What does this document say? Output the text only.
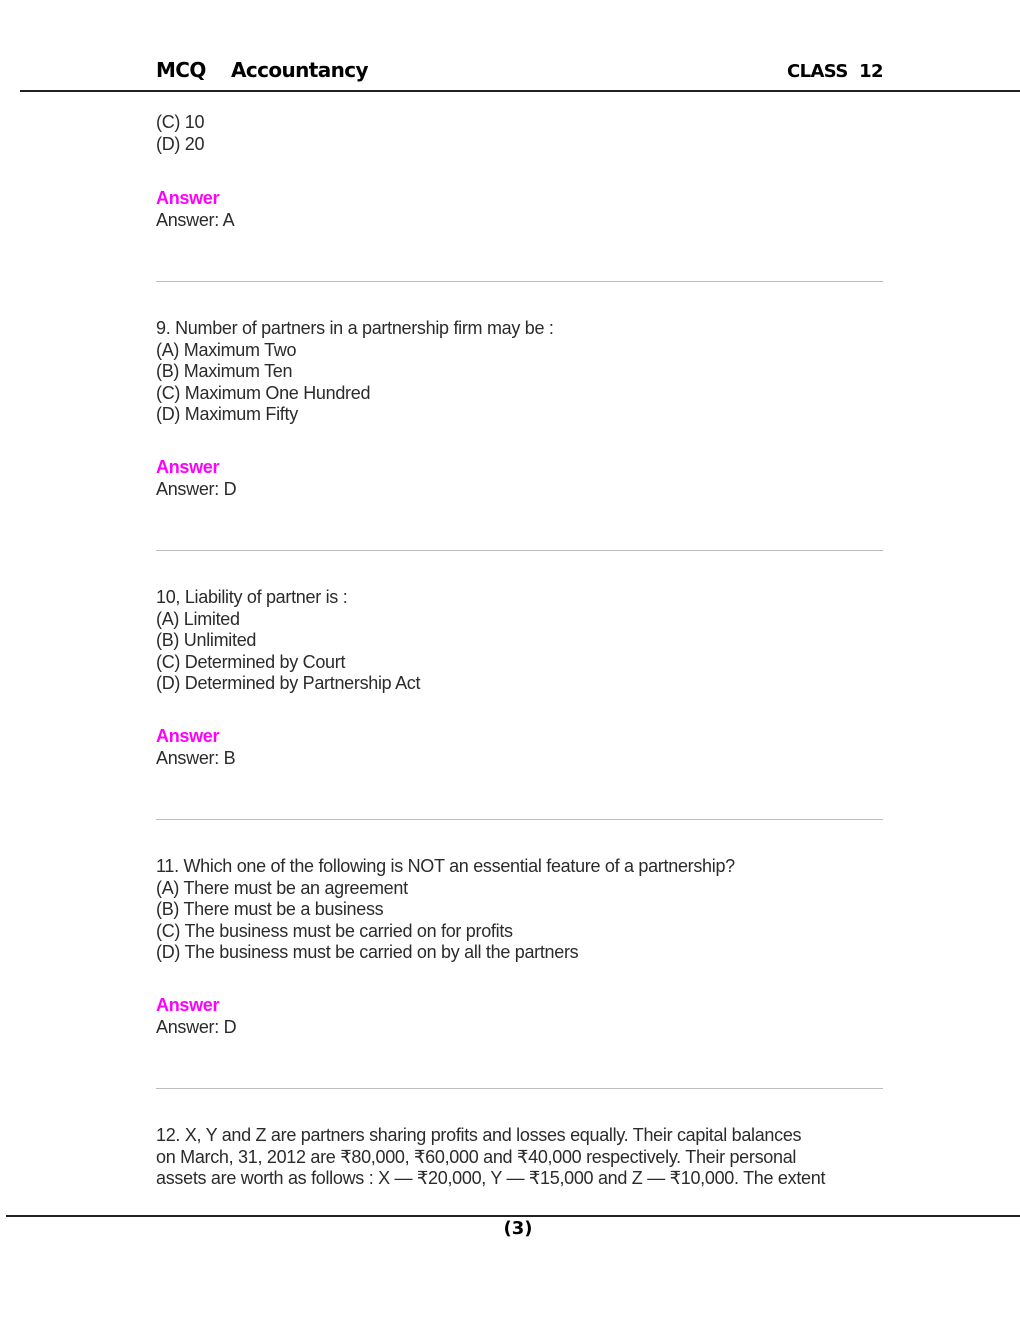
MCQ Accountancy	CLASS  12
(C) 10
(D) 20
Answer
Answer: A
9. Number of partners in a partnership firm may be :
(A) Maximum Two
(B) Maximum Ten
(C) Maximum One Hundred
(D) Maximum Fifty
Answer
Answer: D
10, Liability of partner is :
(A) Limited
(B) Unlimited
(C) Determined by Court
(D) Determined by Partnership Act
Answer
Answer: B
11. Which one of the following is NOT an essential feature of a partnership?
(A) There must be an agreement
(B) There must be a business
(C) The business must be carried on for profits
(D) The business must be carried on by all the partners
Answer
Answer: D
12. X, Y and Z are partners sharing profits and losses equally. Their capital balances
on March, 31, 2012 are ₹80,000, ₹60,000 and ₹40,000 respectively. Their personal
assets are worth as follows : X — ₹20,000, Y — ₹15,000 and Z — ₹10,000. The extent
(3)
